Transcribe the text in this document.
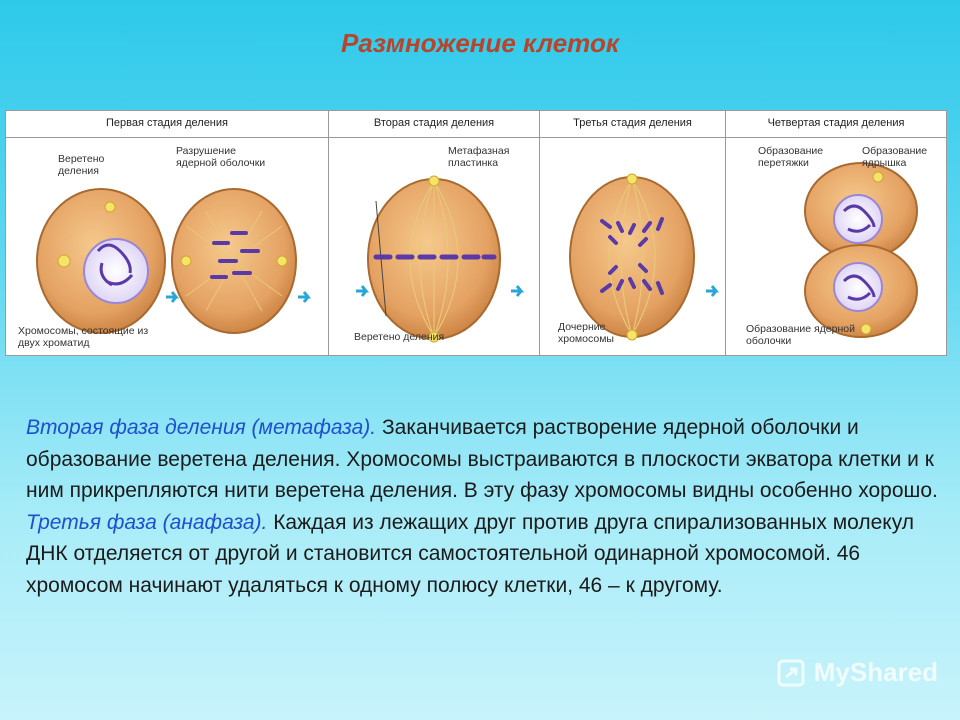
Размножение клеток
Первая стадия деления	Вторая стадия деления	Третья стадия деления	Четвертая стадия деления
Веретено деления
Разрушение ядерной оболочки
Хромосомы, состоящие из двух хроматид
Метафазная пластинка
Веретено деления
Дочерние хромосомы
Образование перетяжки
Образование ядрышка
Образование ядерной оболочки
Вторая фаза деления (метафаза). Заканчивается растворение ядерной оболочки и образование веретена деления. Хромосомы выстраиваются в плоскости экватора клетки и к ним прикрепляются нити веретена деления. В эту фазу хромосомы видны особенно хорошо.
Третья фаза (анафаза). Каждая из лежащих друг против друга спирализованных молекул ДНК отделяется от другой и становится самостоятельной одинарной хромосомой. 46 хромосом начинают удаляться к одному полюсу клетки, 46 – к другому.
MyShared
